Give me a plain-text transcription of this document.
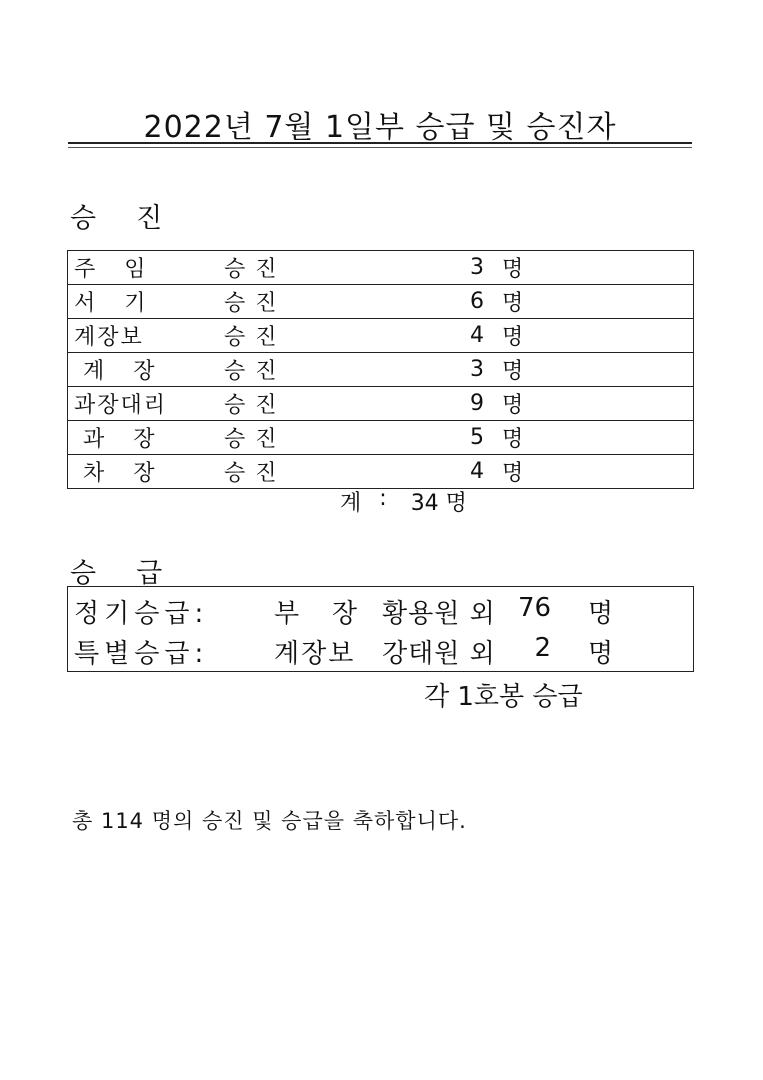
2022년 7월 1일부 승급 및 승진자
승진
주   임	승진	3 명
서   기	승진	6 명
계장보	승진	4 명
계   장	승진	3 명
과장대리	승진	9 명
과   장	승진	5 명
차   장	승진	4 명
계 : 34 명
승급
정기승급:	부   장 황용원 외 76	명
특별승급:	계장보	강태원 외 2	명
각 1호봉 승급

총 114 명의 승진 및 승급을 축하합니다.
